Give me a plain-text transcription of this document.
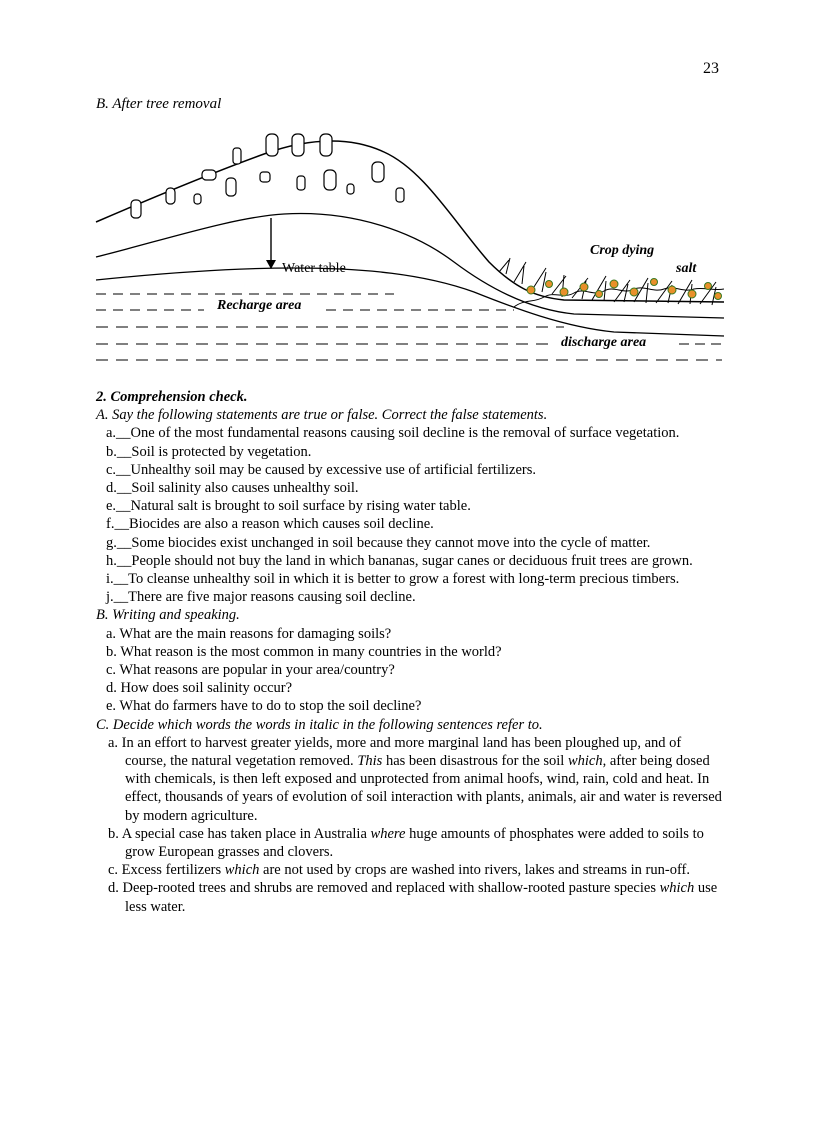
23
B. After tree removal
Water table
Recharge area
Crop dying
salt
discharge area

2. Comprehension check.

A. Say the following statements are true or false. Correct the false statements.

a.__One of the most fundamental reasons causing soil decline is the removal of surface vegetation.

b.__Soil is protected by vegetation.

c.__Unhealthy soil may be caused by excessive use of artificial fertilizers.

d.__Soil salinity also causes unhealthy soil.

e.__Natural salt is brought to soil surface by rising water table.

f.__Biocides are also a reason which causes soil decline.

g.__Some biocides exist unchanged in soil because they cannot move into the cycle of matter.

h.__People should not buy the land in which bananas, sugar canes or deciduous fruit trees are grown.

i.__To cleanse unhealthy soil in which it is better to grow a forest with long-term precious timbers.

j.__There are five major reasons causing soil decline.

B. Writing and speaking.

a. What are the main reasons for damaging soils?

b. What reason is the most common in many countries in the world?

c. What reasons are popular in your area/country?

d. How does soil salinity occur?

e. What do farmers have to do to stop the soil decline?

C. Decide which words the words in italic in the following sentences refer to.

a. In an effort to harvest greater yields, more and more marginal land has been ploughed up, and of course, the natural vegetation removed. This has been disastrous for the soil which, after being dosed with chemicals, is then left exposed and unprotected from animal hoofs, wind, rain, cold and heat. In effect, thousands of years of evolution of soil interaction with plants, animals, air and water is reversed by modern agriculture.

b. A special case has taken place in Australia where huge amounts of phosphates were added to soils to grow European grasses and clovers.

c. Excess fertilizers which are not used by crops are washed into rivers, lakes and streams in run-off.

d. Deep-rooted trees and shrubs are removed and replaced with shallow-rooted pasture species which use less water.
